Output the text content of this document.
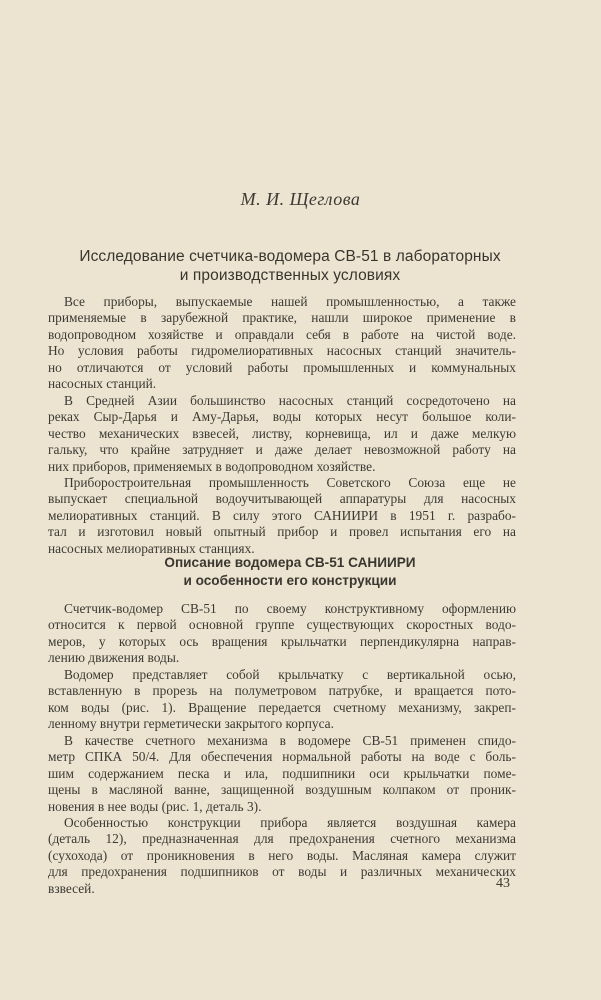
М. И. Щеглова
Исследование счетчика-водомера СВ-51 в лабораторных
и производственных условиях
Все приборы, выпускаемые нашей промышленностью, а также
применяемые в зарубежной практике, нашли широкое применение в
водопроводном хозяйстве и оправдали себя в работе на чистой воде.
Но условия работы гидромелиоративных насосных станций значитель-
но отличаются от условий работы промышленных и коммунальных
насосных станций.
В Средней Азии большинство насосных станций сосредоточено на
реках Сыр-Дарья и Аму-Дарья, воды которых несут большое коли-
чество механических взвесей, листву, корневища, ил и даже мелкую
гальку, что крайне затрудняет и даже делает невозможной работу на
них приборов, применяемых в водопроводном хозяйстве.
Приборостроительная промышленность Советского Союза еще не
выпускает специальной водоучитывающей аппаратуры для насосных
мелиоративных станций. В силу этого САНИИРИ в 1951 г. разрабо-
тал и изготовил новый опытный прибор и провел испытания его на
насосных мелиоративных станциях.
Описание водомера СВ-51 САНИИРИ
и особенности его конструкции
Счетчик-водомер СВ-51 по своему конструктивному оформлению
относится к первой основной группе существующих скоростных водо-
меров, у которых ось вращения крыльчатки перпендикулярна направ-
лению движения воды.
Водомер представляет собой крыльчатку с вертикальной осью,
вставленную в прорезь на полуметровом патрубке, и вращается пото-
ком воды (рис. 1). Вращение передается счетному механизму, закреп-
ленному внутри герметически закрытого корпуса.
В качестве счетного механизма в водомере СВ-51 применен спидо-
метр СПКА 50/4. Для обеспечения нормальной работы на воде с боль-
шим содержанием песка и ила, подшипники оси крыльчатки поме-
щены в масляной ванне, защищенной воздушным колпаком от проник-
новения в нее воды (рис. 1, деталь 3).
Особенностью конструкции прибора является воздушная камера
(деталь 12), предназначенная для предохранения счетного механизма
(сухохода) от проникновения в него воды. Масляная камера служит
для предохранения подшипников от воды и различных механических
взвесей.	43
